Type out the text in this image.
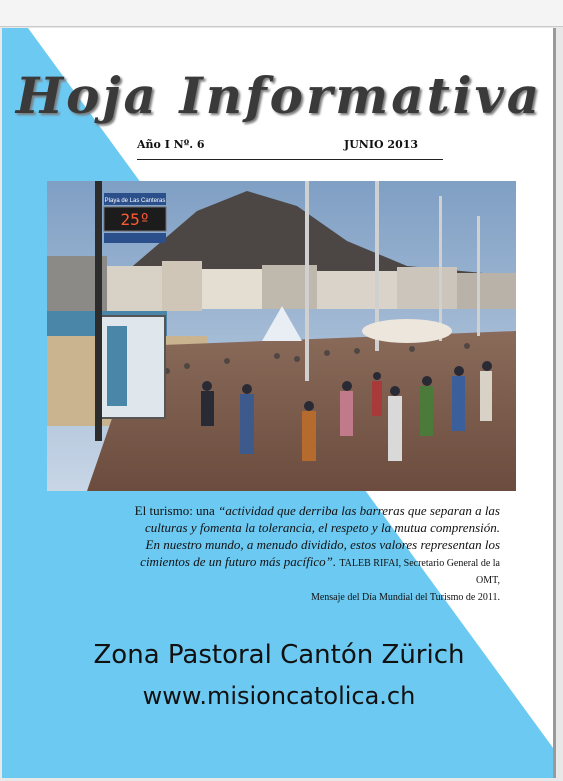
Hoja Informativa
Año I Nº. 6	JUNIO 2013
Playa de Las Canteras
25º
El turismo: una “actividad que derriba las barreras que separan a las culturas y fomenta la tolerancia, el respeto y la mutua comprensión. En nuestro mundo, a menudo dividido, estos valores representan los cimientos de un futuro más pacífico”. TALEB RIFAI, Secretario General de la OMT,
Mensaje del Día Mundial del Turismo de 2011.
Zona Pastoral Cantón Zürich
www.misioncatolica.ch
